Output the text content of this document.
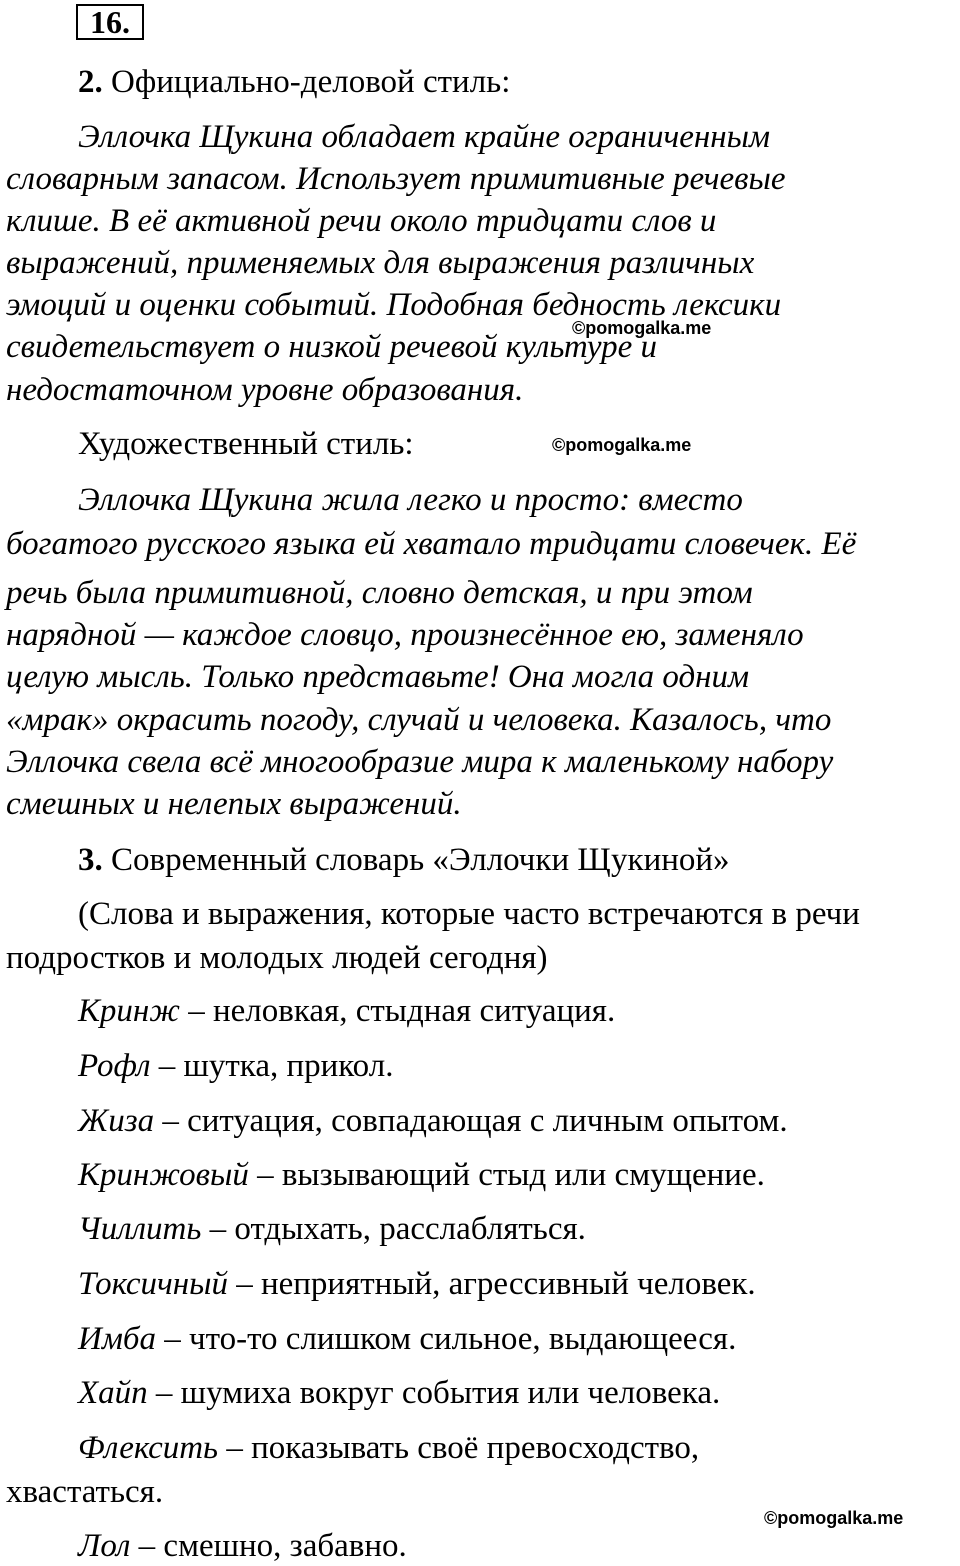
16.
2. Официально-деловой стиль:
Эллочка Щукина обладает крайне ограниченным
словарным запасом. Использует примитивные речевые
клише. В её активной речи около тридцати слов и
выражений, применяемых для выражения различных
эмоций и оценки событий. Подобная бедность лексики
свидетельствует о низкой речевой культуре и
недостаточном уровне образования.
©pomogalka.me
Художественный стиль:	©pomogalka.me
Эллочка Щукина жила легко и просто: вместо
богатого русского языка ей хватало тридцати словечек. Её
речь была примитивной, словно детская, и при этом
нарядной — каждое словцо, произнесённое ею, заменяло
целую мысль. Только представьте! Она могла одним
«мрак» окрасить погоду, случай и человека. Казалось, что
Эллочка свела всё многообразие мира к маленькому набору
смешных и нелепых выражений.
3. Современный словарь «Эллочки Щукиной»
(Слова и выражения, которые часто встречаются в речи
подростков и молодых людей сегодня)
Кринж – неловкая, стыдная ситуация.
Рофл – шутка, прикол.
Жиза – ситуация, совпадающая с личным опытом.
Кринжовый – вызывающий стыд или смущение.
Чиллить – отдыхать, расслабляться.
Токсичный – неприятный, агрессивный человек.
Имба – что-то слишком сильное, выдающееся.
Хайп – шумиха вокруг события или человека.
Флексить – показывать своё превосходство,
хвастаться.
©pomogalka.me
Лол – смешно, забавно.
